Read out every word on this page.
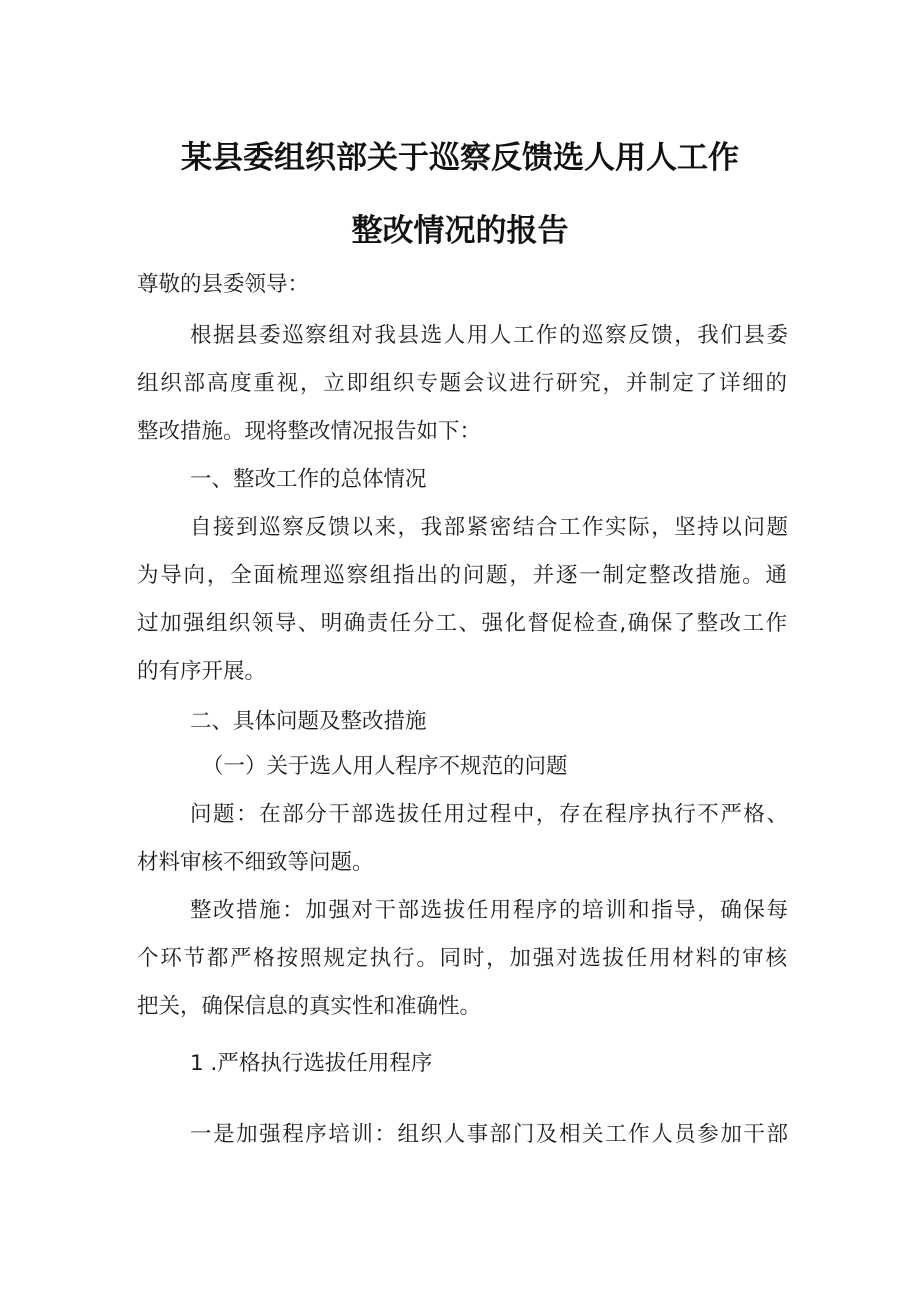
某县委组织部关于巡察反馈选人用人工作
整改情况的报告
尊敬的县委领导：
根据县委巡察组对我县选人用人工作的巡察反馈，我们县委
组织部高度重视，立即组织专题会议进行研究，并制定了详细的
整改措施。现将整改情况报告如下：
一、整改工作的总体情况
自接到巡察反馈以来，我部紧密结合工作实际，坚持以问题
为导向，全面梳理巡察组指出的问题，并逐一制定整改措施。通
过加强组织领导、明确责任分工、强化督促检查,确保了整改工作
的有序开展。
二、具体问题及整改措施
（一）关于选人用人程序不规范的问题
问题：在部分干部选拔任用过程中，存在程序执行不严格、
材料审核不细致等问题。
整改措施：加强对干部选拔任用程序的培训和指导，确保每
个环节都严格按照规定执行。同时，加强对选拔任用材料的审核
把关，确保信息的真实性和准确性。
1 .严格执行选拔任用程序
一是加强程序培训：组织人事部门及相关工作人员参加干部
